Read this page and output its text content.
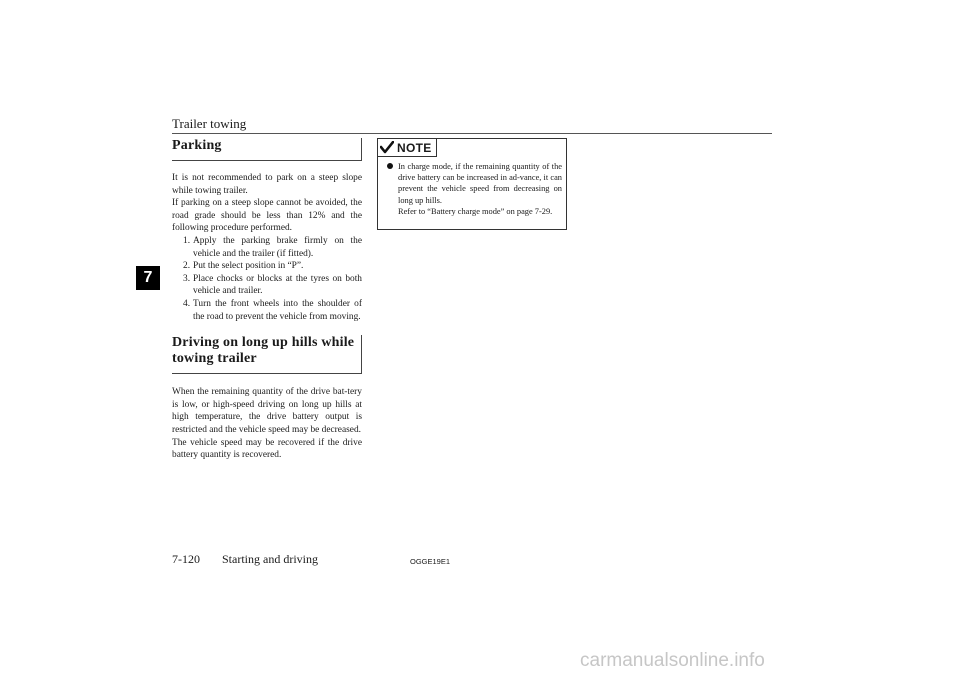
Trailer towing
7
Parking

It is not recommended to park on a steep slope while towing trailer.

If parking on a steep slope cannot be avoided, the road grade should be less than 12% and the following procedure performed.

1. Apply the parking brake firmly on the vehicle and the trailer (if fitted).
2. Put the select position in “P”.
3. Place chocks or blocks at the tyres on both vehicle and trailer.
4. Turn the front wheels into the shoulder of the road to prevent the vehicle from moving.
Driving on long up hills while towing trailer

When the remaining quantity of the drive bat-tery is low, or high-speed driving on long up hills at high temperature, the drive battery output is restricted and the vehicle speed may be decreased.

The vehicle speed may be recovered if the drive battery quantity is recovered.

NOTE
In charge mode, if the remaining quantity of the drive battery can be increased in ad-vance, it can prevent the vehicle speed from decreasing on long up hills.
Refer to “Battery charge mode” on page 7-29.
7-120 Starting and driving	OGGE19E1
carmanualsonline.info
